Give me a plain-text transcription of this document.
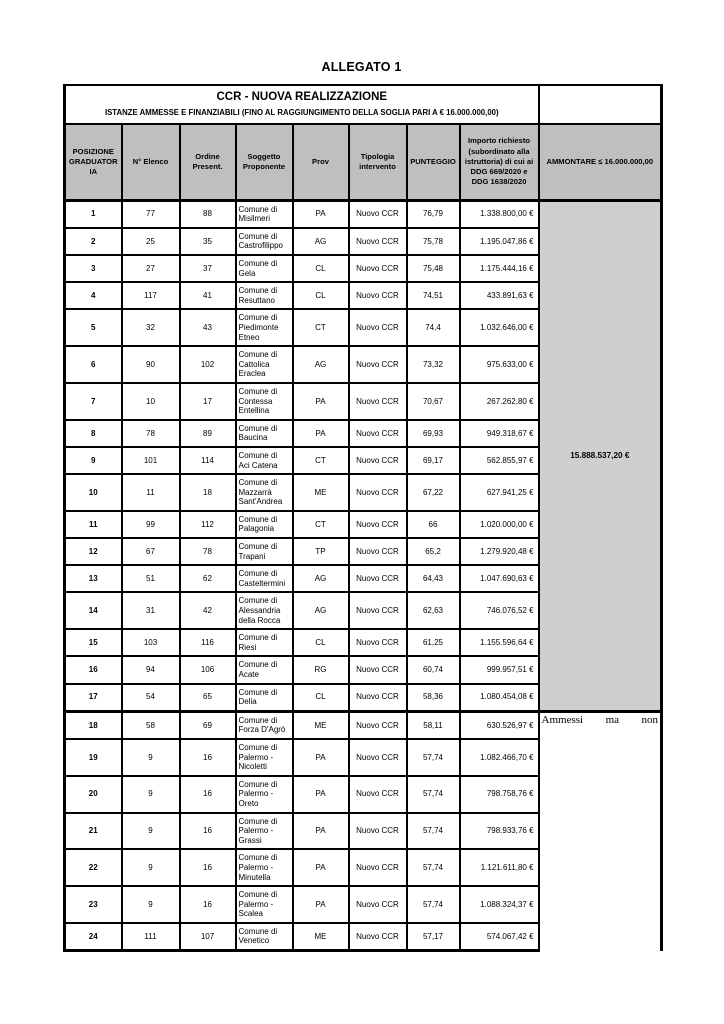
ALLEGATO 1
CCR - NUOVA REALIZZAZIONE
ISTANZE AMMESSE E FINANZIABILI (FINO AL RAGGIUNGIMENTO DELLA SOGLIA PARI A € 16.000.000,00)								

POSIZIONE GRADUATORIA	N° Elenco	Ordine Present.	Soggetto Proponente	Prov	Tipologia intervento	PUNTEGGIO	Importo richiesto (subordinato alla istruttoria) di cui ai DDG 669/2020 e DDG 1638/2020	AMMONTARE ≤ 16.000.000,00
1	77	88	Comune di Misilmeri	PA	Nuovo CCR	76,79	1.338.800,00 €	15.888.537,20 €
2	25	35	Comune di Castrofilippo	AG	Nuovo CCR	75,78	1.195.047,86 €	
3	27	37	Comune di Gela	CL	Nuovo CCR	75,48	1.175.444,16 €	
4	117	41	Comune di Resuttano	CL	Nuovo CCR	74,51	433.891,63 €	
5	32	43	Comune di Piedimonte Etneo	CT	Nuovo CCR	74,4	1.032.646,00 €	
6	90	102	Comune di Cattolica Eraclea	AG	Nuovo CCR	73,32	975.633,00 €	
7	10	17	Comune di Contessa Entellina	PA	Nuovo CCR	70,67	267.262,80 €	
8	78	89	Comune di Baucina	PA	Nuovo CCR	69,93	949.318,67 €	
9	101	114	Comune di Aci Catena	CT	Nuovo CCR	69,17	562.855,97 €	
10	11	18	Comune di Mazzarrà Sant'Andrea	ME	Nuovo CCR	67,22	627.941,25 €	
11	99	112	Comune di Palagonia	CT	Nuovo CCR	66	1.020.000,00 €	
12	67	78	Comune di Trapani	TP	Nuovo CCR	65,2	1.279.920,48 €	
13	51	62	Comune di Casteltermini	AG	Nuovo CCR	64,43	1.047.690,63 €	
14	31	42	Comune di Alessandria della Rocca	AG	Nuovo CCR	62,63	746.076,52 €	
15	103	116	Comune di Riesi	CL	Nuovo CCR	61,25	1.155.596,64 €	
16	94	106	Comune di Acate	RG	Nuovo CCR	60,74	999.957,51 €	
17	54	65	Comune di Delia	CL	Nuovo CCR	58,36	1.080.454,08 €	
18	58	69	Comune di Forza D'Agrò	ME	Nuovo CCR	58,11	630.526,97 €	Ammessi ma non
19	9	16	Comune di Palermo - Nicoletti	PA	Nuovo CCR	57,74	1.082.466,70 €	
20	9	16	Comune di Palermo - Oreto	PA	Nuovo CCR	57,74	798.758,76 €	
21	9	16	Comune di Palermo - Grassi	PA	Nuovo CCR	57,74	798.933,76 €	
22	9	16	Comune di Palermo - Minutella	PA	Nuovo CCR	57,74	1.121.611,80 €	
23	9	16	Comune di Palermo - Scalea	PA	Nuovo CCR	57,74	1.088.324,37 €	
24	111	107	Comune di Venetico	ME	Nuovo CCR	57,17	574.067,42 €	
